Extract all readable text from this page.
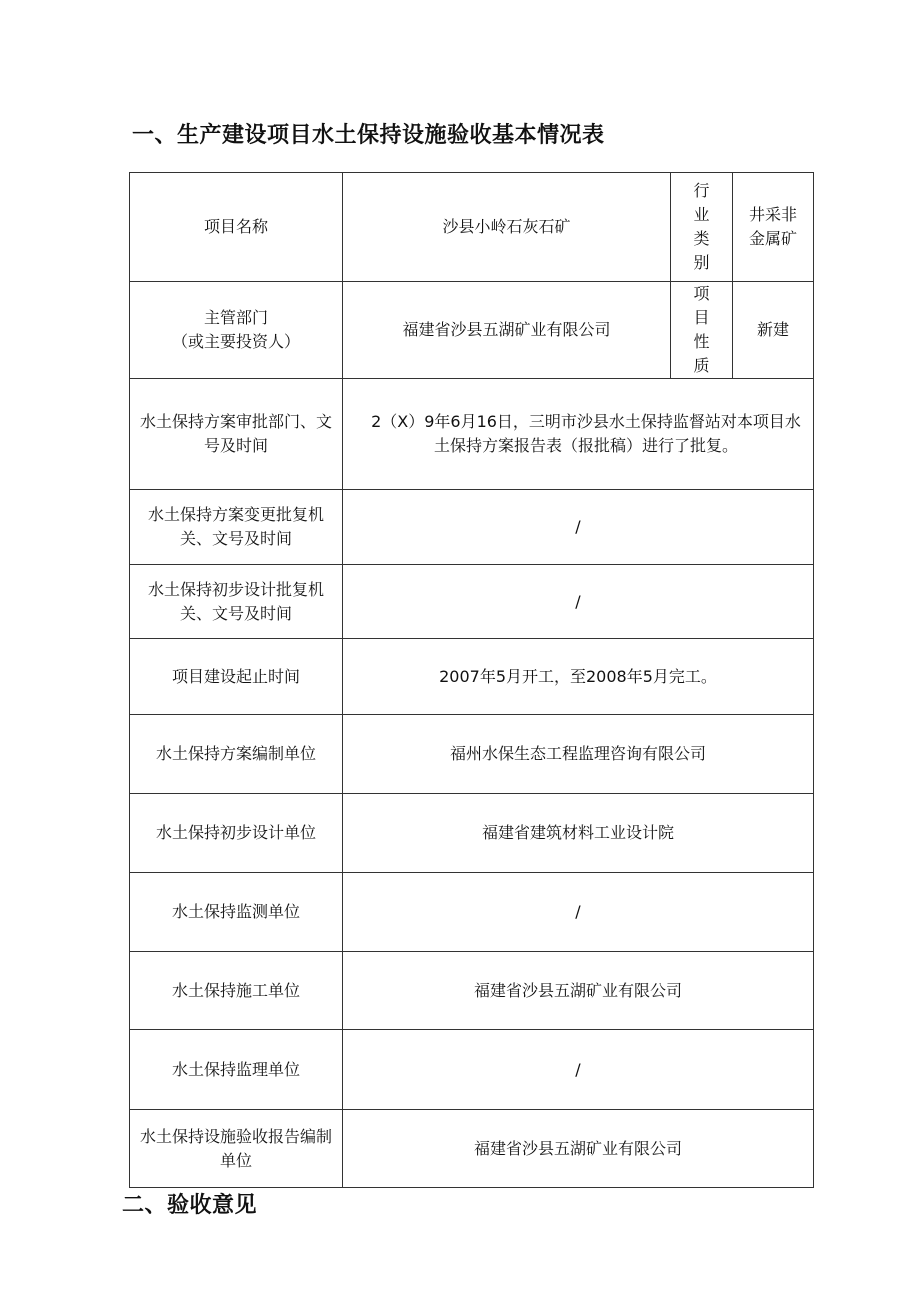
一、生产建设项目水土保持设施验收基本情况表
项目名称	沙县小岭石灰石矿	行业类别	井采非金属矿

主管部门
（或主要投资人）	福建省沙县五湖矿业有限公司	项目性质	新建
水土保持方案审批部门、文号及时间	2（X）9年6月16日，三明市沙县水土保持监督站对本项目水土保持方案报告表（报批稿）进行了批复。		
水土保持方案变更批复机关、文号及时间	/		
水土保持初步设计批复机关、文号及时间	/		
项目建设起止时间	2007年5月开工，至2008年5月完工。		
水土保持方案编制单位	福州水保生态工程监理咨询有限公司		
水土保持初步设计单位	福建省建筑材料工业设计院		
水土保持监测单位	/		
水土保持施工单位	福建省沙县五湖矿业有限公司		
水土保持监理单位	/		
水土保持设施验收报告编制单位	福建省沙县五湖矿业有限公司		
二、验收意见
